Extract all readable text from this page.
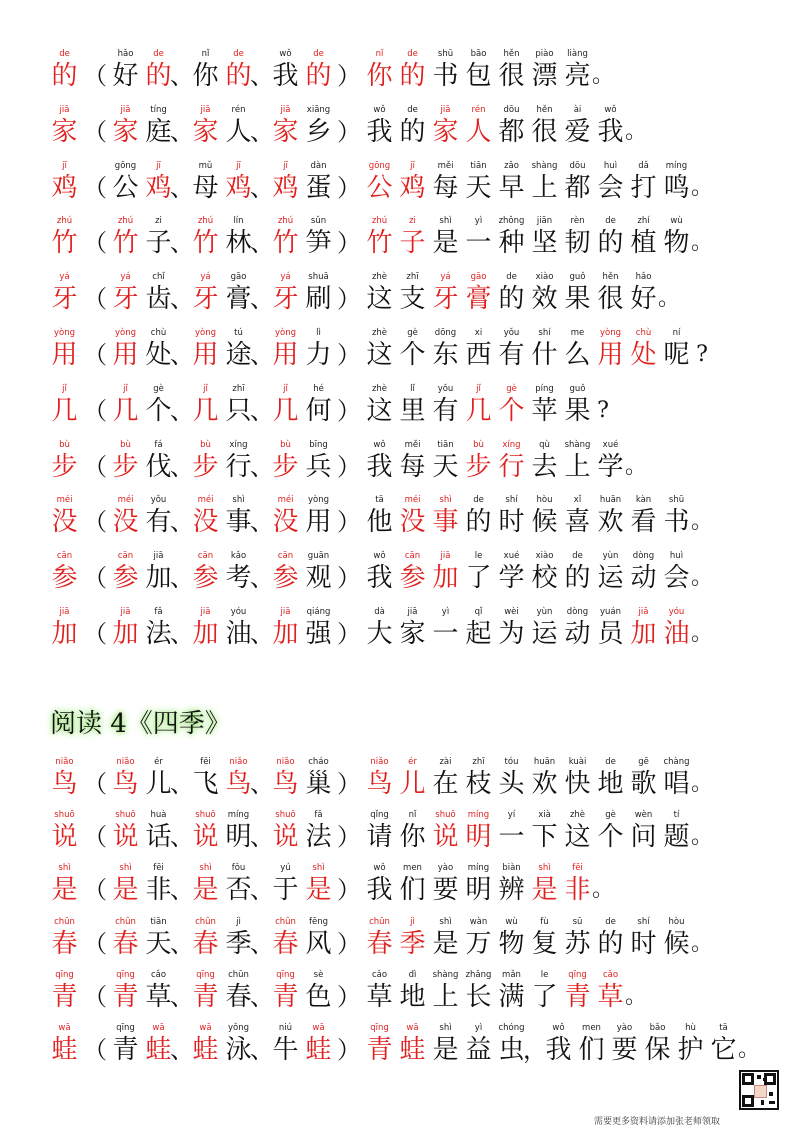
de
的 （
hǎo
好
de
的
、
nǐ
你
de
的
、
wǒ
我
de
的 ）
nǐ
你
de
的
shū
书
bāo
包
hěn
很
piào
漂
liàng
亮 。
jiā
家 （
jiā
家
tíng
庭
、
jiā
家
rén
人
、
jiā
家
xiāng
乡 ）
wǒ
我
de
的
jiā
家
rén
人
dōu
都
hěn
很
ài
爱
wǒ
我 。
jī
鸡 （
gōng
公
jī
鸡
、
mǔ
母
jī
鸡
、
jī
鸡
dàn
蛋 ）
gōng
公
jī
鸡
měi
每
tiān
天
zǎo
早
shàng
上
dōu
都
huì
会
dǎ
打
míng
鸣 。
zhú
竹 （
zhú
竹
zi
子
、
zhú
竹
lín
林
、
zhú
竹
sǔn
笋 ）
zhú
竹
zi
子
shì
是
yì
一
zhǒng
种
jiān
坚
rèn
韧
de
的
zhí
植
wù
物 。
yá
牙 （
yá
牙
chǐ
齿
、
yá
牙
gāo
膏
、
yá
牙
shuā
刷 ）
zhè
这
zhī
支
yá
牙
gāo
膏
de
的
xiào
效
guǒ
果
hěn
很
hǎo
好 。
yòng
用 （
yòng
用
chù
处
、
yòng
用
tú
途
、
yòng
用
lì
力 ）
zhè
这
gè
个
dōng
东
xi
西
yǒu
有
shí
什
me
么
yòng
用
chù
处
ní
呢 ?
jǐ
几 （
jǐ
几
gè
个
、
jǐ
几
zhī
只
、
jǐ
几
hé
何 ）
zhè
这
lǐ
里
yǒu
有
jǐ
几
gè
个
píng
苹
guǒ
果 ?
bù
步 （
bù
步
fá
伐
、
bù
步
xíng
行
、
bù
步
bīng
兵 ）
wǒ
我
měi
每
tiān
天
bù
步
xíng
行
qù
去
shàng
上
xué
学 。
méi
没 （
méi
没
yǒu
有
、
méi
没
shì
事
、
méi
没
yòng
用 ）
tā
他
méi
没
shì
事
de
的
shí
时
hòu
候
xǐ
喜
huān
欢
kàn
看
shū
书 。
cān
参 （
cān
参
jiā
加
、
cān
参
kǎo
考
、
cān
参
guān
观 ）
wǒ
我
cān
参
jiā
加
le
了
xué
学
xiào
校
de
的
yùn
运
dòng
动
huì
会 。
jiā
加 （
jiā
加
fǎ
法
、
jiā
加
yóu
油
、
jiā
加
qiáng
强 ）
dà
大
jiā
家
yì
一
qǐ
起
wèi
为
yùn
运
dòng
动
yuán
员
jiā
加
yóu
油 。
阅读 4《四季》
niǎo
鸟 （
niǎo
鸟
ér
儿
、
fēi
飞
niǎo
鸟
、
niǎo
鸟
cháo
巢 ）
niǎo
鸟
ér
儿
zài
在
zhī
枝
tóu
头
huān
欢
kuài
快
de
地
gē
歌
chàng
唱 。
shuō
说 （
shuō
说
huà
话
、
shuō
说
míng
明
、
shuō
说
fǎ
法 ）
qǐng
请
nǐ
你
shuō
说
míng
明
yí
一
xià
下
zhè
这
gè
个
wèn
问
tí
题 。
shì
是 （
shì
是
fēi
非
、
shì
是
fǒu
否
、
yú
于
shì
是 ）
wǒ
我
men
们
yào
要
míng
明
biàn
辨
shì
是
fēi
非 。
chūn
春 （
chūn
春
tiān
天
、
chūn
春
jì
季
、
chūn
春
fēng
风 ）
chūn
春
jì
季
shì
是
wàn
万
wù
物
fù
复
sū
苏
de
的
shí
时
hòu
候 。
qīng
青 （
qīng
青
cǎo
草
、
qīng
青
chūn
春
、
qīng
青
sè
色 ）
cǎo
草
dì
地
shàng
上
zhǎng
长
mǎn
满
le
了
qīng
青
cǎo
草 。
wā
蛙 （
qīng
青
wā
蛙
、
wā
蛙
yǒng
泳
、
niú
牛
wā
蛙 ）
qīng
青
wā
蛙
shì
是
yì
益
chóng
虫
，
wǒ
我
men
们
yào
要
bǎo
保
hù
护
tā
它 。
需要更多资料请添加张老师领取
